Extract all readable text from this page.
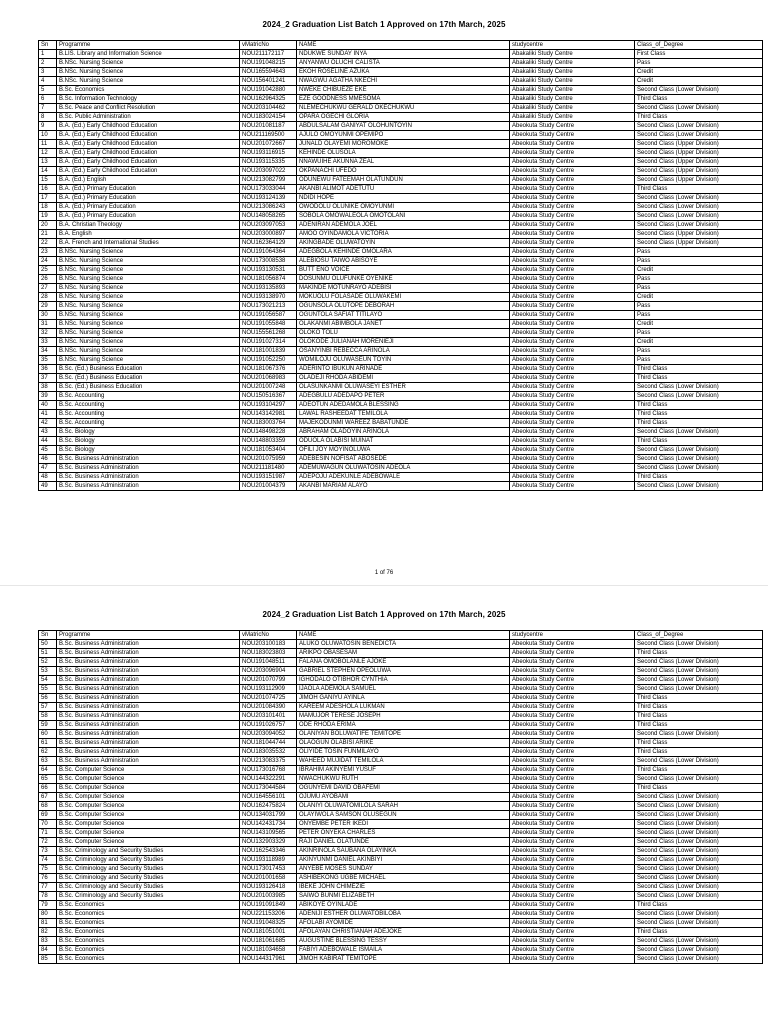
2024_2 Graduation List Batch 1 Approved on 17th March, 2025
Sn	Programme	vMatricNo	NAME	studycentre	Class_of_Degree
1	B.LIS. Library and Information Science	NOU211172117	NDUKWE SUNDAY INYA	Abakaliki Study Centre	First Class
2	B.NSc. Nursing Science	NOU191048215	ANYANWU OLUCHI CALISTA	Abakaliki Study Centre	Pass
3	B.NSc. Nursing Science	NOU165594643	EKOH ROSELINE AZUKA	Abakaliki Study Centre	Credit
4	B.NSc. Nursing Science	NOU156401241	NWAGWU AGATHA NKECHI	Abakaliki Study Centre	Credit
5	B.Sc. Economics	NOU191042880	NWEKE CHIBUEZE EKE	Abakaliki Study Centre	Second Class (Lower Division)
6	B.Sc. Information Technology	NOU162964325	EZE GOODNESS MMESOMA	Abakaliki Study Centre	Third Class
7	B.Sc. Peace and Conflict Resolution	NOU203104462	NLEMECHUKWU GERALD OKECHUKWU	Abakaliki Study Centre	Second Class (Lower Division)
8	B.Sc. Public Administration	NOU183024154	OPARA OGECHI GLORIA	Abakaliki Study Centre	Third Class
9	B.A. (Ed.) Early Childhood Education	NOU201081187	ABDULSALAM GANIYAT OLOHUNTOYIN	Abeokuta Study Centre	Second Class (Lower Division)
10	B.A. (Ed.) Early Childhood Education	NOU211169500	AJULO OMOYUNMI OPEMIPO	Abeokuta Study Centre	Second Class (Lower Division)
11	B.A. (Ed.) Early Childhood Education	NOU201072667	JUNALD OLAYEMI MOROMOKE	Abeokuta Study Centre	Second Class (Upper Division)
12	B.A. (Ed.) Early Childhood Education	NOU193116915	KEHINDE OLUSOLA	Abeokuta Study Centre	Second Class (Upper Division)
13	B.A. (Ed.) Early Childhood Education	NOU193115335	NNAWUIHE AKUNNA ZEAL	Abeokuta Study Centre	Second Class (Upper Division)
14	B.A. (Ed.) Early Childhood Education	NOU203097022	OKPANACHI UFEDO	Abeokuta Study Centre	Second Class (Upper Division)
15	B.A. (Ed.) English	NOU213082799	ODUNEWU FATEEMAH OLATUNDUN	Abeokuta Study Centre	Second Class (Upper Division)
16	B.A. (Ed.) Primary Education	NOU173033044	AKANBI ALIMOT ADETUTU	Abeokuta Study Centre	Third Class
17	B.A. (Ed.) Primary Education	NOU193124139	NDIDI HOPE	Abeokuta Study Centre	Second Class (Lower Division)
18	B.A. (Ed.) Primary Education	NOU213086243	OWODOLU OLUNIKE OMOYUNMI	Abeokuta Study Centre	Second Class (Lower Division)
19	B.A. (Ed.) Primary Education	NOU148058265	SOBOLA OMOWALEOLA OMOTOLANI	Abeokuta Study Centre	Second Class (Lower Division)
20	B.A. Christian Theology	NOU203097053	ADENIRAN ADEMOLA JOEL	Abeokuta Study Centre	Second Class (Lower Division)
21	B.A. English	NOU203000897	AMOO OYINDAMOLA VICTORIA	Abeokuta Study Centre	Second Class (Upper Division)
22	B.A. French and International Studies	NOU162364129	AKINGBADE OLUWATOYIN	Abeokuta Study Centre	Second Class (Upper Division)
23	B.NSc. Nursing Science	NOU191064364	ADEGBOLA KEHINDE OMOLARA	Abeokuta Study Centre	Pass
24	B.NSc. Nursing Science	NOU173008538	ALEBIOSU TAIWO ABISOYE	Abeokuta Study Centre	Pass
25	B.NSc. Nursing Science	NOU193130531	BUTT ENO VOICE	Abeokuta Study Centre	Credit
26	B.NSc. Nursing Science	NOU181056874	DOSUNMU OLUFUNKE OYENIKE	Abeokuta Study Centre	Pass
27	B.NSc. Nursing Science	NOU193135893	MAKINDE MOTUNRAYO ADEBISI	Abeokuta Study Centre	Pass
28	B.NSc. Nursing Science	NOU193138970	MOKUOLU FOLASADE OLUWAKEMI	Abeokuta Study Centre	Credit
29	B.NSc. Nursing Science	NOU173021213	OGUNSOLA OLUTOPE DEBORAH	Abeokuta Study Centre	Pass
30	B.NSc. Nursing Science	NOU191056587	OGUNTOLA SAFIAT TITILAYO	Abeokuta Study Centre	Pass
31	B.NSc. Nursing Science	NOU191055848	OLAKANMI ABIMBOLA JANET	Abeokuta Study Centre	Credit
32	B.NSc. Nursing Science	NOU155561268	OLOKO TOLU	Abeokuta Study Centre	Pass
33	B.NSc. Nursing Science	NOU191027314	OLOKODE JULIANAH MORENIEJI	Abeokuta Study Centre	Credit
34	B.NSc. Nursing Science	NOU181001839	OSANYINBI REBECCA ARINOLA	Abeokuta Study Centre	Pass
35	B.NSc. Nursing Science	NOU191052250	WOMILOJU OLUWASEUN TOYIN	Abeokuta Study Centre	Pass
36	B.Sc. (Ed.) Business Education	NOU181067376	ADERINTO IBUKUN ARINADE	Abeokuta Study Centre	Third Class
37	B.Sc. (Ed.) Business Education	NOU201068983	OLADEJI RHODA ABIDEMI	Abeokuta Study Centre	Third Class
38	B.Sc. (Ed.) Business Education	NOU201007248	OLASUNKANMI OLUWASEYI ESTHER	Abeokuta Study Centre	Second Class (Lower Division)
39	B.Sc. Accounting	NOU150516367	ADEGBULU ADEDAPO PETER	Abeokuta Study Centre	Second Class (Lower Division)
40	B.Sc. Accounting	NOU193104297	ADEOTUN ADEDAMOLA BLESSING	Abeokuta Study Centre	Third Class
41	B.Sc. Accounting	NOU143142981	LAWAL RASHEEDAT TEMILOLA	Abeokuta Study Centre	Third Class
42	B.Sc. Accounting	NOU183003764	MAJEKODUNMI WAREEZ BABATUNDE	Abeokuta Study Centre	Third Class
43	B.Sc. Biology	NOU148498228	ABRAHAM OLADOYIN ARINOLA	Abeokuta Study Centre	Second Class (Lower Division)
44	B.Sc. Biology	NOU148803359	ODUOLA OLABISI MUINAT	Abeokuta Study Centre	Third Class
45	B.Sc. Biology	NOU181053404	OFILI JOY MOYINOLUWA	Abeokuta Study Centre	Second Class (Lower Division)
46	B.Sc. Business Administration	NOU201075959	ADEBESIN NOFISAT ABOSEDE	Abeokuta Study Centre	Second Class (Lower Division)
47	B.Sc. Business Administration	NOU211181480	ADEMUWAGUN OLUWATOSIN ADEOLA	Abeokuta Study Centre	Second Class (Lower Division)
48	B.Sc. Business Administration	NOU193151987	ADEPOJU ADEKUNLE ADEBOWALE	Abeokuta Study Centre	Third Class
49	B.Sc. Business Administration	NOU201004379	AKANBI MARIAM ALAYO	Abeokuta Study Centre	Second Class (Lower Division)
1 of 76
2024_2 Graduation List Batch 1 Approved on 17th March, 2025
Sn	Programme	vMatricNo	NAME	studycentre	Class_of_Degree
50	B.Sc. Business Administration	NOU203100183	ALUKO OLUWATOSIN BENEDICTA	Abeokuta Study Centre	Second Class (Lower Division)
51	B.Sc. Business Administration	NOU183023803	ARIKPO OBASESAM	Abeokuta Study Centre	Third Class
52	B.Sc. Business Administration	NOU191048511	FALANA OMOBOLANLE AJOKE	Abeokuta Study Centre	Second Class (Lower Division)
53	B.Sc. Business Administration	NOU203096904	GABRIEL STEPHEN OPEOLUWA	Abeokuta Study Centre	Second Class (Lower Division)
54	B.Sc. Business Administration	NOU201070799	IGHODALO OTIBHOR CYNTHIA	Abeokuta Study Centre	Second Class (Lower Division)
55	B.Sc. Business Administration	NOU193112909	IJAOLA ADEMOLA SAMUEL	Abeokuta Study Centre	Second Class (Lower Division)
56	B.Sc. Business Administration	NOU201074725	JIMOH GANIYU AYINLA	Abeokuta Study Centre	Third Class
57	B.Sc. Business Administration	NOU201084390	KAREEM ADESHOLA LUKMAN	Abeokuta Study Centre	Third Class
58	B.Sc. Business Administration	NOU203101401	MAMUJOR TERESE JOSEPH	Abeokuta Study Centre	Third Class
59	B.Sc. Business Administration	NOU191026757	ODE RHODA ERIMA	Abeokuta Study Centre	Third Class
60	B.Sc. Business Administration	NOU203094052	OLANIYAN BOLUWATIFE TEMITOPE	Abeokuta Study Centre	Second Class (Lower Division)
61	B.Sc. Business Administration	NOU181044744	OLAOGUN OLABISI ARIKE	Abeokuta Study Centre	Third Class
62	B.Sc. Business Administration	NOU183035532	OLIYIDE TOSIN FUNMILAYO	Abeokuta Study Centre	Third Class
63	B.Sc. Business Administration	NOU213083375	WAHEED MUJIDAT TEMILOLA	Abeokuta Study Centre	Second Class (Lower Division)
64	B.Sc. Computer Science	NOU173016768	IBRAHIM AKINYEMI YUSUF	Abeokuta Study Centre	Third Class
65	B.Sc. Computer Science	NOU144322291	NWACHUKWU RUTH	Abeokuta Study Centre	Second Class (Lower Division)
66	B.Sc. Computer Science	NOU173044584	OGUNYEMI DAVID OBAFEMI	Abeokuta Study Centre	Third Class
67	B.Sc. Computer Science	NOU164556101	OJUMU AYOBAMI	Abeokuta Study Centre	Second Class (Lower Division)
68	B.Sc. Computer Science	NOU162475824	OLANIYI OLUWATOMILOLA SARAH	Abeokuta Study Centre	Second Class (Lower Division)
69	B.Sc. Computer Science	NOU134031799	OLAYIWOLA SAMSON OLUSEGUN	Abeokuta Study Centre	Second Class (Lower Division)
70	B.Sc. Computer Science	NOU142431734	ONYEMBE PETER IKEDI	Abeokuta Study Centre	Second Class (Lower Division)
71	B.Sc. Computer Science	NOU143109565	PETER ONYEKA CHARLES	Abeokuta Study Centre	Second Class (Lower Division)
72	B.Sc. Computer Science	NOU132903329	RAJI DANIEL OLATUNDE	Abeokuta Study Centre	Second Class (Lower Division)
73	B.Sc. Criminology and Security Studies	NOU162543346	AKINRINOLA SAUBANA OLAYINKA	Abeokuta Study Centre	Second Class (Lower Division)
74	B.Sc. Criminology and Security Studies	NOU193118989	AKINYUNMI DANIEL AKINBIYI	Abeokuta Study Centre	Second Class (Lower Division)
75	B.Sc. Criminology and Security Studies	NOU173017453	ANYEBE MOSES SUNDAY	Abeokuta Study Centre	Second Class (Lower Division)
76	B.Sc. Criminology and Security Studies	NOU201001658	ASHIBEKONG UGBE MICHAEL	Abeokuta Study Centre	Second Class (Lower Division)
77	B.Sc. Criminology and Security Studies	NOU193126418	IBEKE JOHN CHIMEZIE	Abeokuta Study Centre	Second Class (Lower Division)
78	B.Sc. Criminology and Security Studies	NOU201003985	SAIWO BUNMI ELIZABETH	Abeokuta Study Centre	Second Class (Lower Division)
79	B.Sc. Economics	NOU191091849	ABIKOYE OYINLADE	Abeokuta Study Centre	Third Class
80	B.Sc. Economics	NOU221153206	ADENIJI ESTHER OLUWATOBILOBA	Abeokuta Study Centre	Second Class (Lower Division)
81	B.Sc. Economics	NOU191048325	AFOLABI AYOMIDE	Abeokuta Study Centre	Second Class (Lower Division)
82	B.Sc. Economics	NOU181051001	AFOLAYAN CHRISTIANAH ADEJOKE	Abeokuta Study Centre	Third Class
83	B.Sc. Economics	NOU181061685	AUGUSTINE BLESSING TESSY	Abeokuta Study Centre	Second Class (Lower Division)
84	B.Sc. Economics	NOU181034658	FABIYI ADEBOWALE ISMAILA	Abeokuta Study Centre	Second Class (Lower Division)
85	B.Sc. Economics	NOU144317961	JIMOH KABIRAT TEMITOPE	Abeokuta Study Centre	Second Class (Lower Division)
